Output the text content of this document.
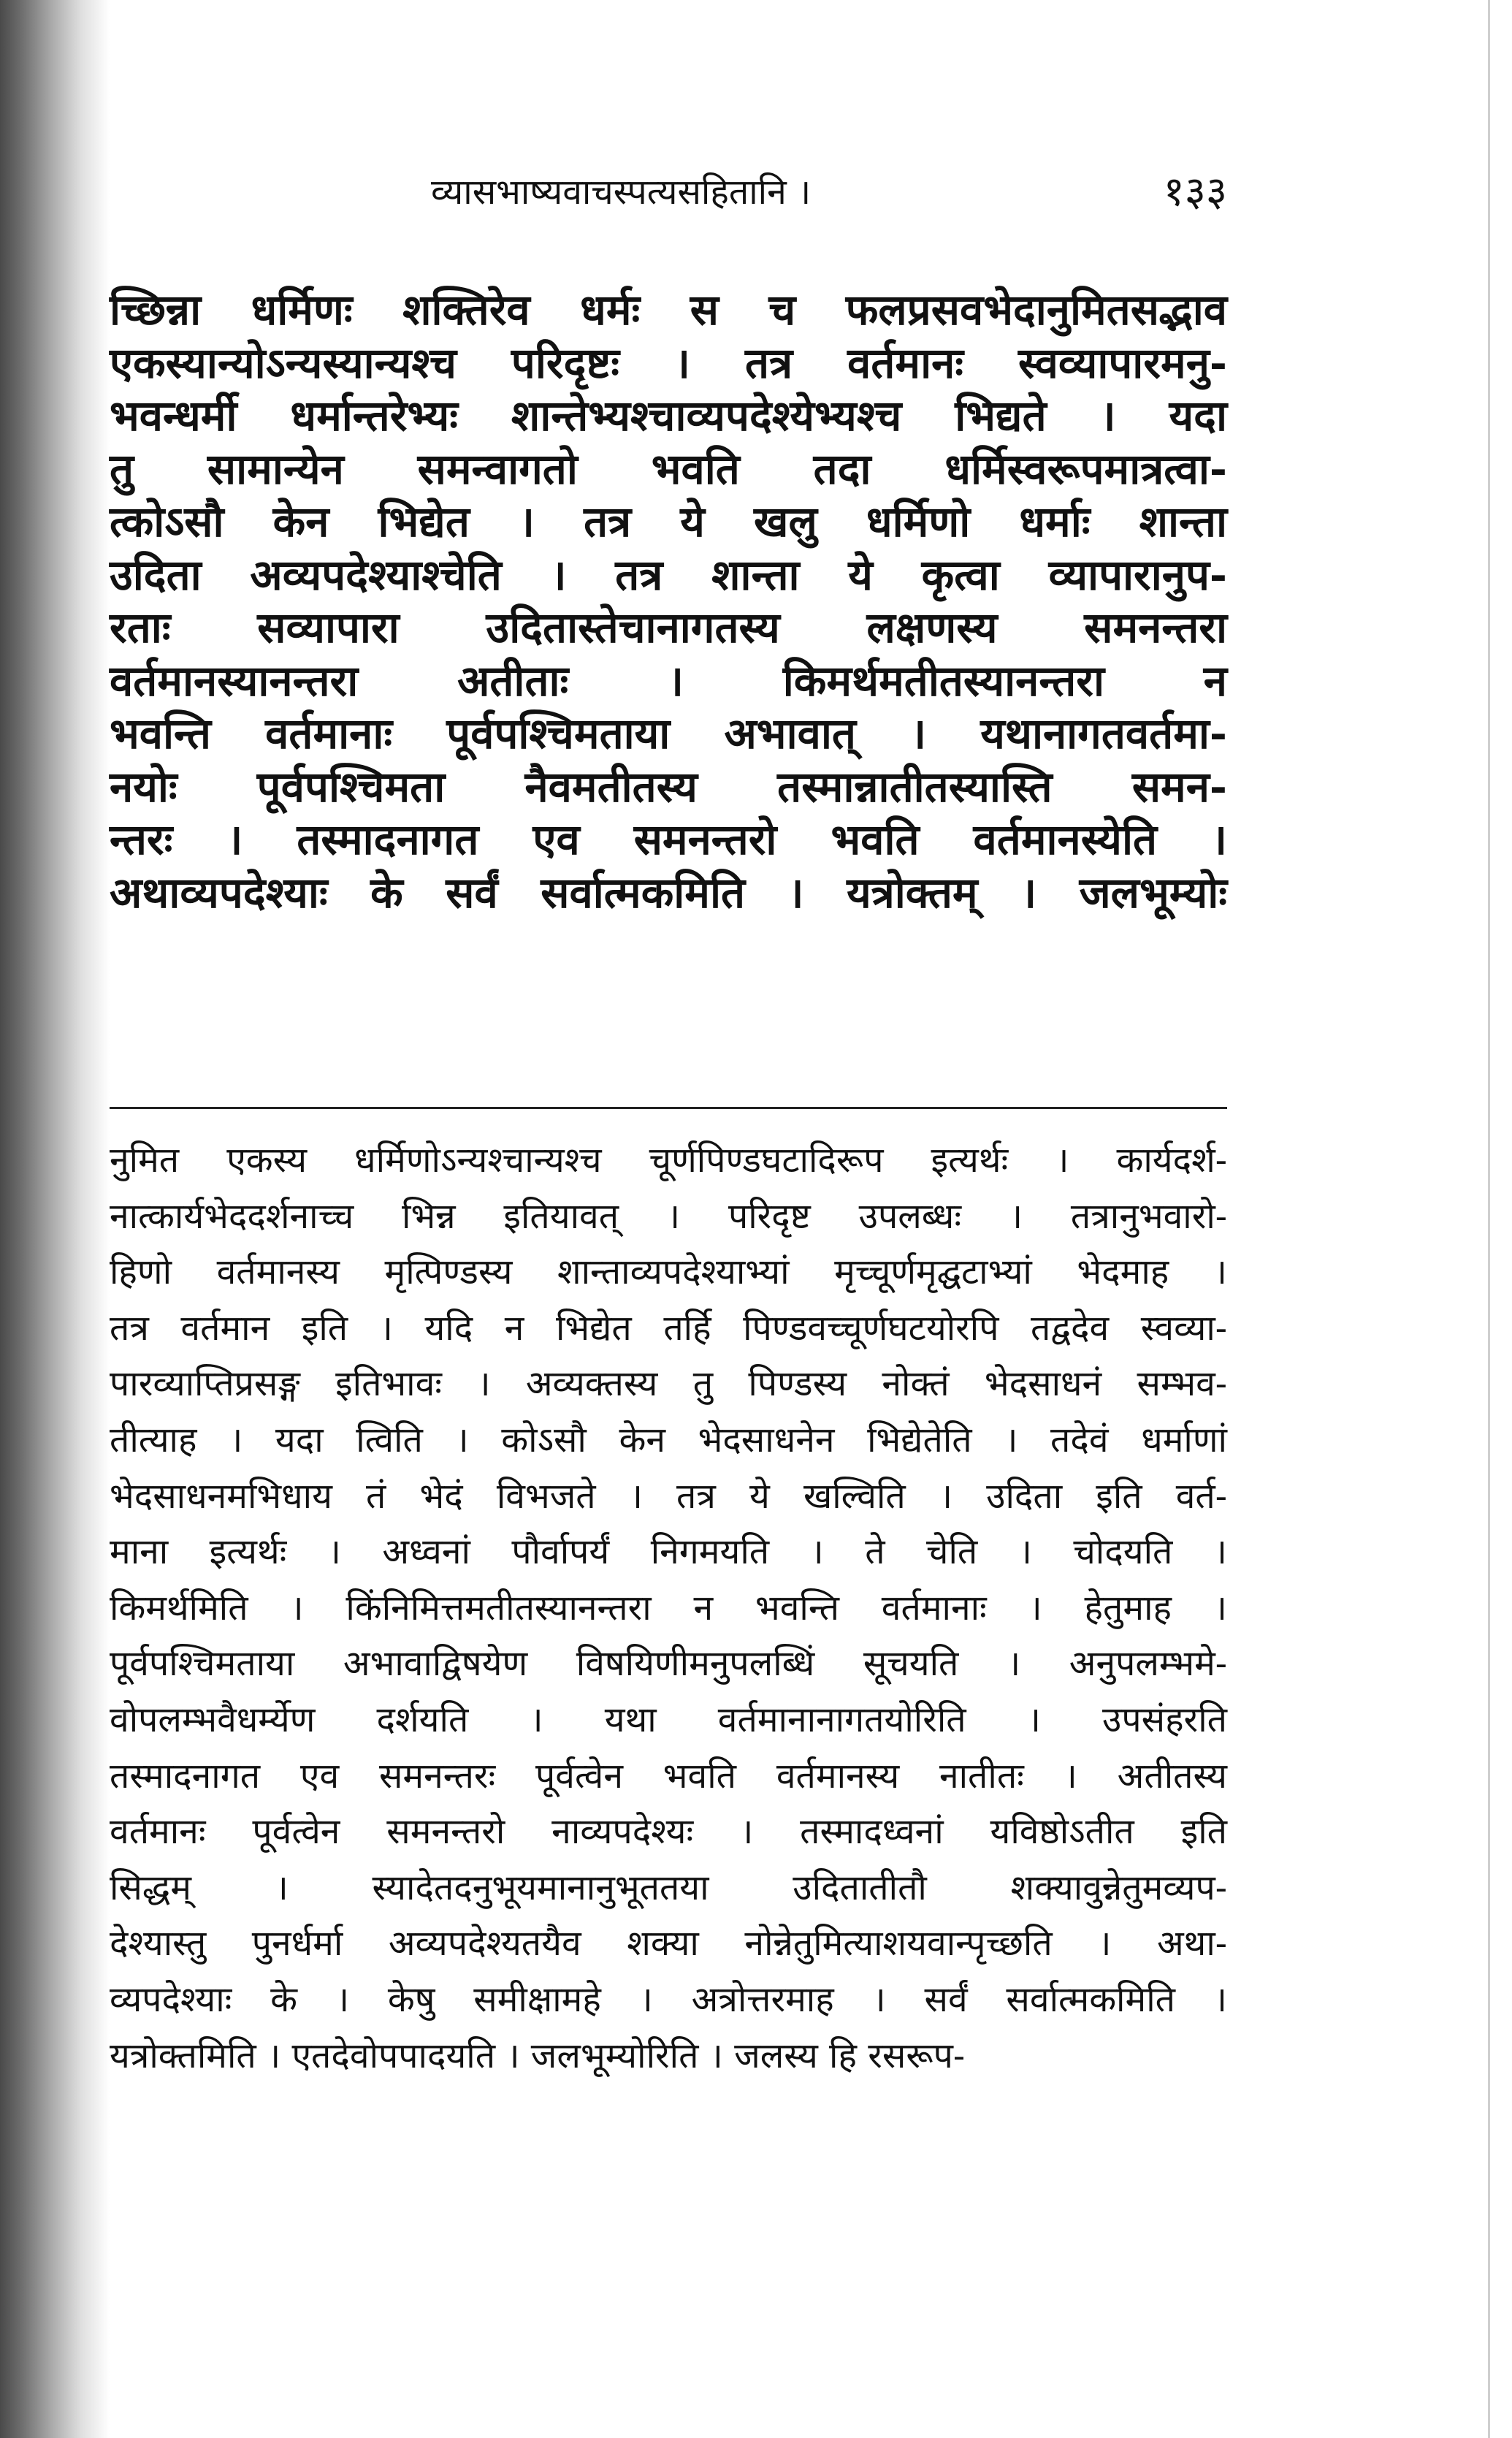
व्यासभाष्यवाचस्पत्यसहितानि ।	१३३
च्छिन्ना धर्मिणः शक्तिरेव धर्मः स च फलप्रसवभेदानुमितसद्भाव
एकस्यान्योऽन्यस्यान्यश्च परिदृष्टः । तत्र वर्तमानः स्वव्यापारमनु-
भवन्धर्मी धर्मान्तरेभ्यः शान्तेभ्यश्चाव्यपदेश्येभ्यश्च भिद्यते । यदा
तु सामान्येन समन्वागतो भवति तदा धर्मिस्वरूपमात्रत्वा-
त्कोऽसौ केन भिद्येत । तत्र ये खलु धर्मिणो धर्माः शान्ता
उदिता अव्यपदेश्याश्चेति । तत्र शान्ता ये कृत्वा व्यापारानुप-
रताः सव्यापारा उदितास्तेचानागतस्य लक्षणस्य समनन्तरा
वर्तमानस्यानन्तरा अतीताः । किमर्थमतीतस्यानन्तरा न
भवन्ति वर्तमानाः पूर्वपश्चिमताया अभावात् । यथानागतवर्तमा-
नयोः पूर्वपश्चिमता नैवमतीतस्य तस्मान्नातीतस्यास्ति समन-
न्तरः । तस्मादनागत एव समनन्तरो भवति वर्तमानस्येति ।
अथाव्यपदेश्याः के सर्वं सर्वात्मकमिति । यत्रोक्तम् । जलभूम्योः
नुमित एकस्य धर्मिणोऽन्यश्चान्यश्च चूर्णपिण्डघटादिरूप इत्यर्थः । कार्यदर्श-
नात्कार्यभेददर्शनाच्च भिन्न इतियावत् । परिदृष्ट उपलब्धः । तत्रानुभवारो-
हिणो वर्तमानस्य मृत्पिण्डस्य शान्ताव्यपदेश्याभ्यां मृच्चूर्णमृद्घटाभ्यां भेदमाह ।
तत्र वर्तमान इति । यदि न भिद्येत तर्हि पिण्डवच्चूर्णघटयोरपि तद्वदेव स्वव्या-
पारव्याप्तिप्रसङ्ग इतिभावः । अव्यक्तस्य तु पिण्डस्य नोक्तं भेदसाधनं सम्भव-
तीत्याह । यदा त्विति । कोऽसौ केन भेदसाधनेन भिद्येतेति । तदेवं धर्माणां
भेदसाधनमभिधाय तं भेदं विभजते । तत्र ये खल्विति । उदिता इति वर्त-
माना इत्यर्थः । अध्वनां पौर्वापर्यं निगमयति । ते चेति । चोदयति ।
किमर्थमिति । किंनिमित्तमतीतस्यानन्तरा न भवन्ति वर्तमानाः । हेतुमाह ।
पूर्वपश्चिमताया अभावाद्विषयेण विषयिणीमनुपलब्धिं सूचयति । अनुपलम्भमे-
वोपलम्भवैधर्म्येण दर्शयति । यथा वर्तमानानागतयोरिति । उपसंहरति
तस्मादनागत एव समनन्तरः पूर्वत्वेन भवति वर्तमानस्य नातीतः । अतीतस्य
वर्तमानः पूर्वत्वेन समनन्तरो नाव्यपदेश्यः । तस्मादध्वनां यविष्ठोऽतीत इति
सिद्धम् । स्यादेतदनुभूयमानानुभूततया उदितातीतौ शक्यावुन्नेतुमव्यप-
देश्यास्तु पुनर्धर्मा अव्यपदेश्यतयैव शक्या नोन्नेतुमित्याशयवान्पृच्छति । अथा-
व्यपदेश्याः के । केषु समीक्षामहे । अत्रोत्तरमाह । सर्वं सर्वात्मकमिति ।
यत्रोक्तमिति । एतदेवोपपादयति । जलभूम्योरिति । जलस्य हि रसरूप-
